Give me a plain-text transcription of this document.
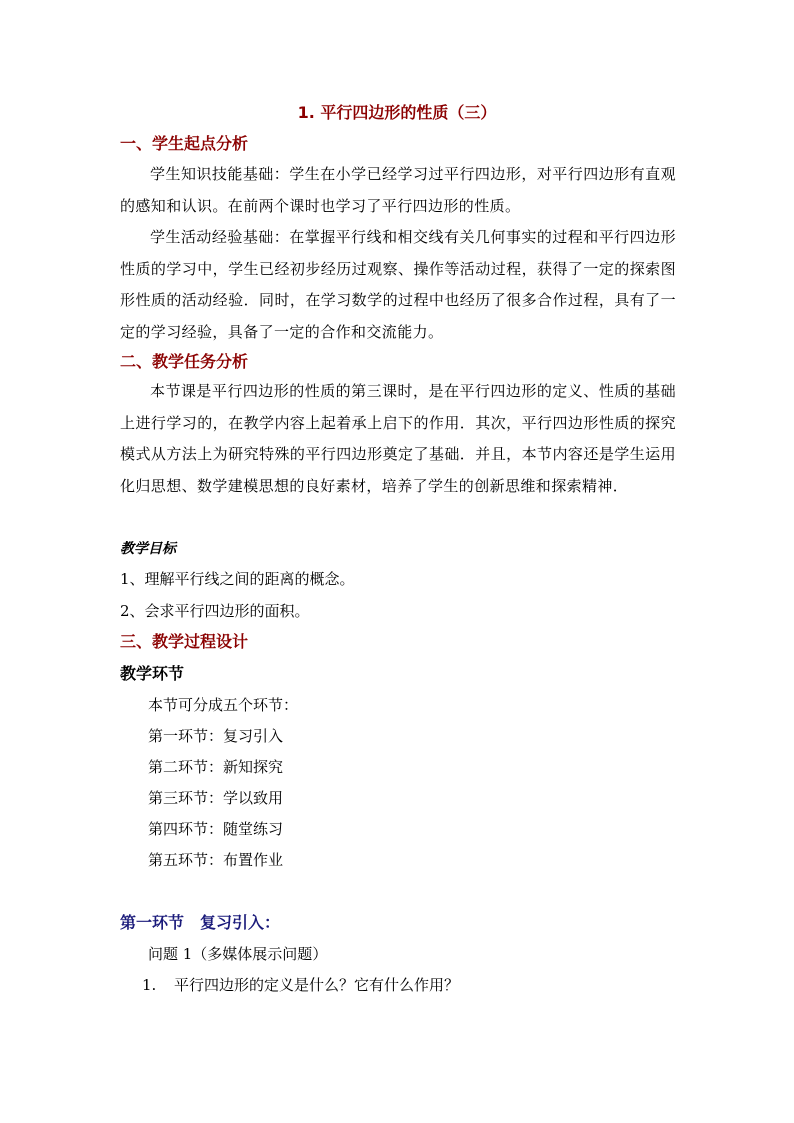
1. 平行四边形的性质（三）
一、学生起点分析
学生知识技能基础：学生在小学已经学习过平行四边形，对平行四边形有直观的感知和认识。在前两个课时也学习了平行四边形的性质。
学生活动经验基础：在掌握平行线和相交线有关几何事实的过程和平行四边形性质的学习中，学生已经初步经历过观察、操作等活动过程，获得了一定的探索图形性质的活动经验．同时，在学习数学的过程中也经历了很多合作过程，具有了一定的学习经验，具备了一定的合作和交流能力。
二、教学任务分析
本节课是平行四边形的性质的第三课时，是在平行四边形的定义、性质的基础上进行学习的，在教学内容上起着承上启下的作用．其次，平行四边形性质的探究模式从方法上为研究特殊的平行四边形奠定了基础．并且，本节内容还是学生运用化归思想、数学建模思想的良好素材，培养了学生的创新思维和探索精神．
教学目标
1、理解平行线之间的距离的概念。
2、会求平行四边形的面积。
三、教学过程设计
教学环节
本节可分成五个环节：
第一环节：复习引入
第二环节：新知探究
第三环节：学以致用
第四环节：随堂练习
第五环节：布置作业
第一环节　复习引入：
问题 1（多媒体展示问题）
1. 平行四边形的定义是什么？它有什么作用？
